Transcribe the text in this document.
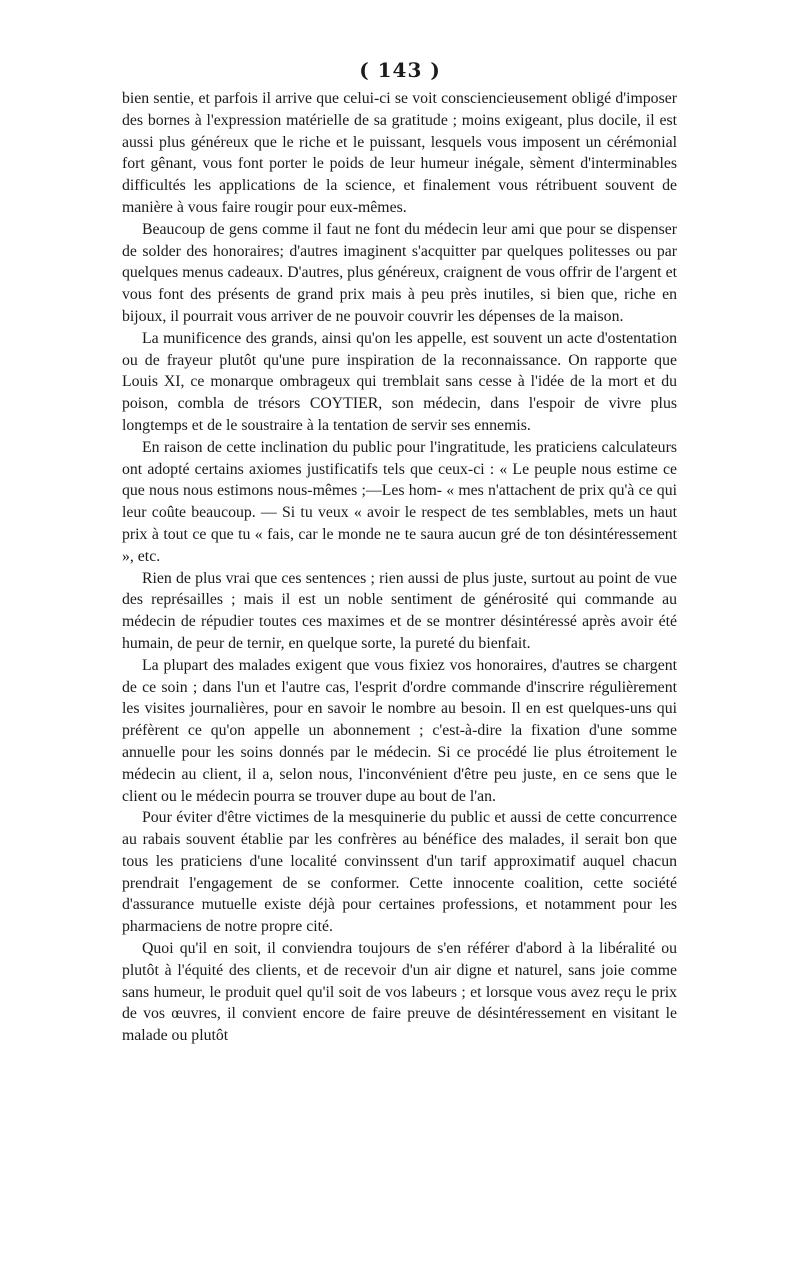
( 143 )

bien sentie, et parfois il arrive que celui-ci se voit consciencieusement obligé d'imposer des bornes à l'expression matérielle de sa gratitude ; moins exigeant, plus docile, il est aussi plus généreux que le riche et le puissant, lesquels vous imposent un cérémonial fort gênant, vous font porter le poids de leur humeur inégale, sèment d'interminables difficultés les applications de la science, et finalement vous rétribuent souvent de manière à vous faire rougir pour eux-mêmes.

Beaucoup de gens comme il faut ne font du médecin leur ami que pour se dispenser de solder des honoraires; d'autres imaginent s'acquitter par quelques politesses ou par quelques menus cadeaux. D'autres, plus généreux, craignent de vous offrir de l'argent et vous font des présents de grand prix mais à peu près inutiles, si bien que, riche en bijoux, il pourrait vous arriver de ne pouvoir couvrir les dépenses de la maison.

La munificence des grands, ainsi qu'on les appelle, est souvent un acte d'ostentation ou de frayeur plutôt qu'une pure inspiration de la reconnaissance. On rapporte que Louis XI, ce monarque ombrageux qui tremblait sans cesse à l'idée de la mort et du poison, combla de trésors COYTIER, son médecin, dans l'espoir de vivre plus longtemps et de le soustraire à la tentation de servir ses ennemis.

En raison de cette inclination du public pour l'ingratitude, les praticiens calculateurs ont adopté certains axiomes justificatifs tels que ceux-ci : « Le peuple nous estime ce que nous nous estimons nous-mêmes ;—Les hom- « mes n'attachent de prix qu'à ce qui leur coûte beaucoup. — Si tu veux « avoir le respect de tes semblables, mets un haut prix à tout ce que tu « fais, car le monde ne te saura aucun gré de ton désintéressement », etc.

Rien de plus vrai que ces sentences ; rien aussi de plus juste, surtout au point de vue des représailles ; mais il est un noble sentiment de générosité qui commande au médecin de répudier toutes ces maximes et de se montrer désintéressé après avoir été humain, de peur de ternir, en quelque sorte, la pureté du bienfait.

La plupart des malades exigent que vous fixiez vos honoraires, d'autres se chargent de ce soin ; dans l'un et l'autre cas, l'esprit d'ordre commande d'inscrire régulièrement les visites journalières, pour en savoir le nombre au besoin. Il en est quelques-uns qui préfèrent ce qu'on appelle un abonnement ; c'est-à-dire la fixation d'une somme annuelle pour les soins donnés par le médecin. Si ce procédé lie plus étroitement le médecin au client, il a, selon nous, l'inconvénient d'être peu juste, en ce sens que le client ou le médecin pourra se trouver dupe au bout de l'an.

Pour éviter d'être victimes de la mesquinerie du public et aussi de cette concurrence au rabais souvent établie par les confrères au bénéfice des malades, il serait bon que tous les praticiens d'une localité convinssent d'un tarif approximatif auquel chacun prendrait l'engagement de se conformer. Cette innocente coalition, cette société d'assurance mutuelle existe déjà pour certaines professions, et notamment pour les pharmaciens de notre propre cité.

Quoi qu'il en soit, il conviendra toujours de s'en référer d'abord à la libéralité ou plutôt à l'équité des clients, et de recevoir d'un air digne et naturel, sans joie comme sans humeur, le produit quel qu'il soit de vos labeurs ; et lorsque vous avez reçu le prix de vos œuvres, il convient encore de faire preuve de désintéressement en visitant le malade ou plutôt
